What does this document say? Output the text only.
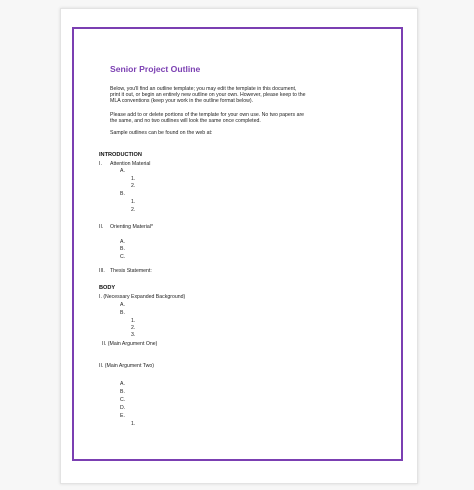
Senior Project Outline
Below, you'll find an outline template; you may edit the template in this document,
print it out, or begin an entirely new outline on your own. However, please keep to the
MLA conventions (keep your work in the outline format below).
Please add to or delete portions of the template for your own use. No two papers are
the same, and no two outlines will look the same once completed.
Sample outlines can be found on the web at:
INTRODUCTION
I. Attention Material
A.
1.
2.
B.
1.
2.
II. Orienting Material*
A.
B.
C.
III. Thesis Statement:
BODY
I. (Necessary Expanded Background)
A.
B.
1.
2.
3.
II. (Main Argument One)
II. (Main Argument Two)
A.
B.
C.
D.
E.
1.
